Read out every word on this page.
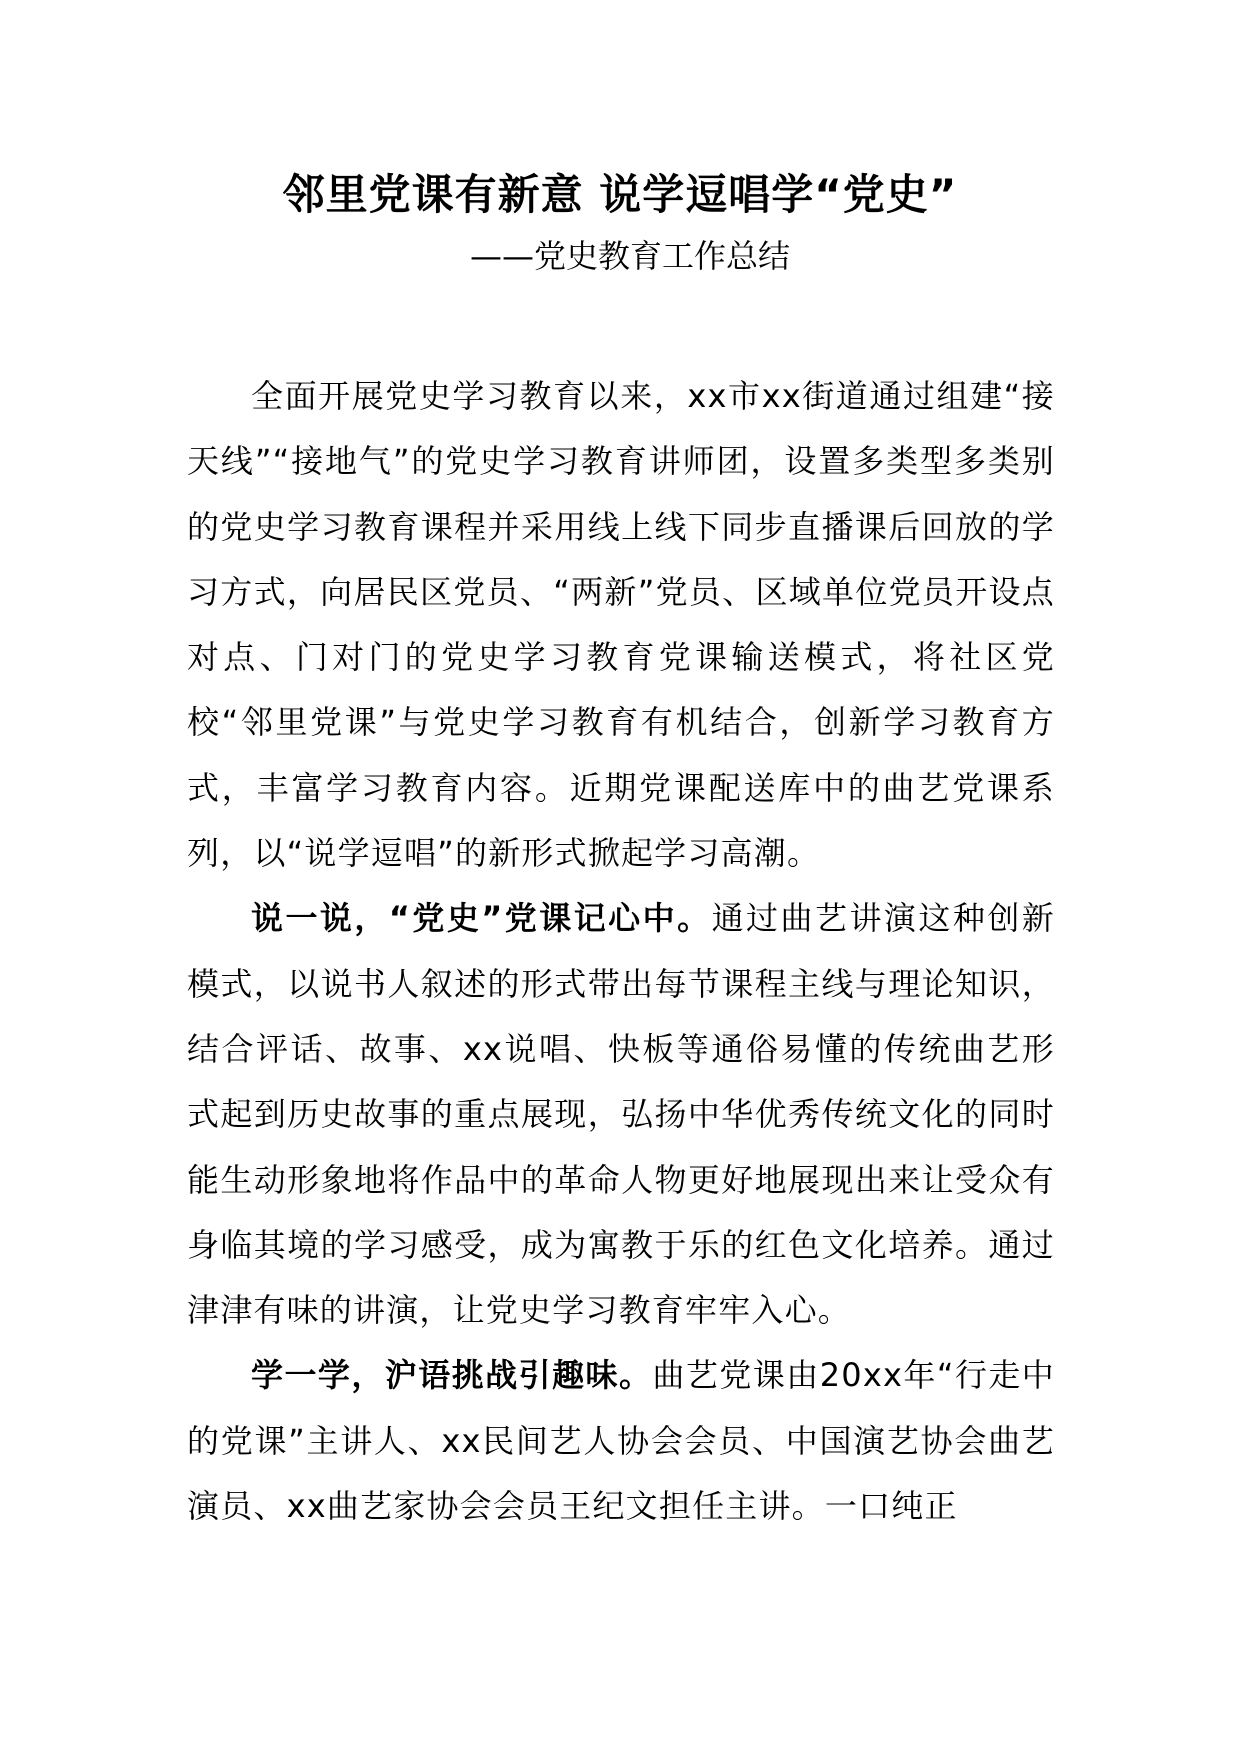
邻里党课有新意 说学逗唱学“党史”
——党史教育工作总结

全面开展党史学习教育以来，xx市xx街道通过组建“接天线”“接地气”的党史学习教育讲师团，设置多类型多类别的党史学习教育课程并采用线上线下同步直播课后回放的学习方式，向居民区党员、“两新”党员、区域单位党员开设点对点、门对门的党史学习教育党课输送模式，将社区党校“邻里党课”与党史学习教育有机结合，创新学习教育方式，丰富学习教育内容。近期党课配送库中的曲艺党课系列，以“说学逗唱”的新形式掀起学习高潮。

说一说，“党史”党课记心中。通过曲艺讲演这种创新模式，以说书人叙述的形式带出每节课程主线与理论知识，结合评话、故事、xx说唱、快板等通俗易懂的传统曲艺形式起到历史故事的重点展现，弘扬中华优秀传统文化的同时能生动形象地将作品中的革命人物更好地展现出来让受众有身临其境的学习感受，成为寓教于乐的红色文化培养。通过津津有味的讲演，让党史学习教育牢牢入心。

学一学，沪语挑战引趣味。曲艺党课由20xx年“行走中的党课”主讲人、xx民间艺人协会会员、中国演艺协会曲艺演员、xx曲艺家协会会员王纪文担任主讲。一口纯正
